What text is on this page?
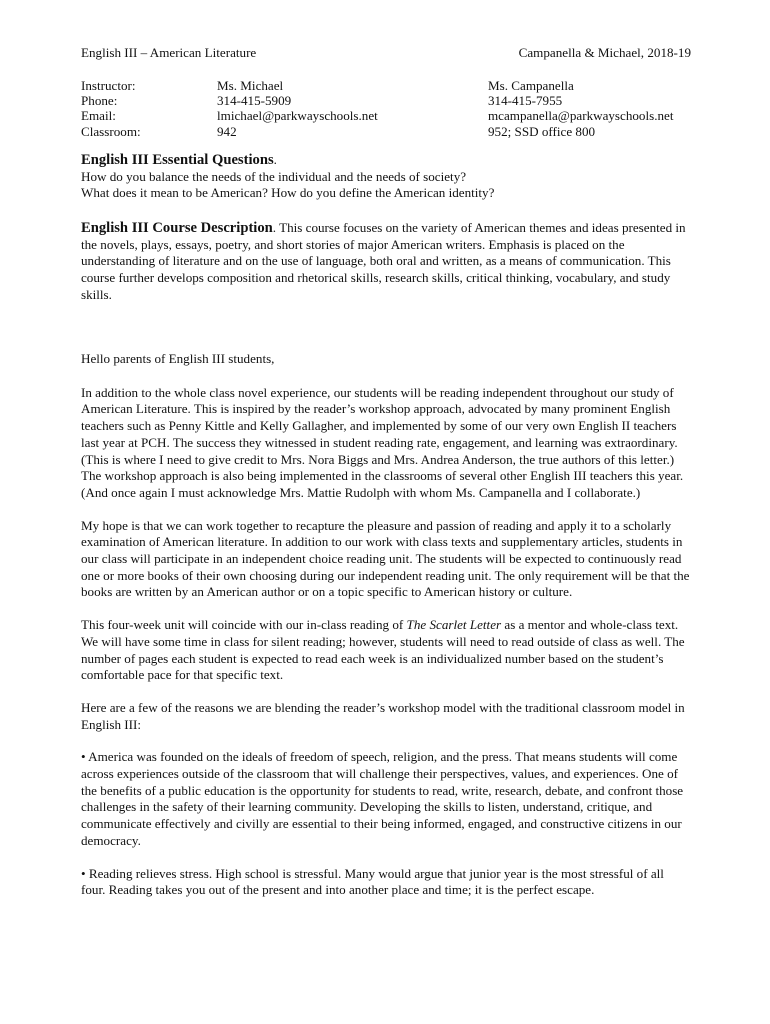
English III – American Literature	Campanella & Michael, 2018-19
Instructor:
Phone:
Email:
Classroom:
Ms. Michael
314-415-5909
lmichael@parkwayschools.net
942
Ms. Campanella
314-415-7955
mcampanella@parkwayschools.net
952; SSD office 800

English III Essential Questions.

How do you balance the needs of the individual and the needs of society?

What does it mean to be American? How do you define the American identity?

English III Course Description. This course focuses on the variety of American themes and ideas presented in the novels, plays, essays, poetry, and short stories of major American writers. Emphasis is placed on the understanding of literature and on the use of language, both oral and written, as a means of communication. This course further develops composition and rhetorical skills, research skills, critical thinking, vocabulary, and study skills.

Hello parents of English III students,

In addition to the whole class novel experience, our students will be reading independent throughout our study of American Literature. This is inspired by the reader’s workshop approach, advocated by many prominent English teachers such as Penny Kittle and Kelly Gallagher, and implemented by some of our very own English II teachers last year at PCH. The success they witnessed in student reading rate, engagement, and learning was extraordinary. (This is where I need to give credit to Mrs. Nora Biggs and Mrs. Andrea Anderson, the true authors of this letter.) The workshop approach is also being implemented in the classrooms of several other English III teachers this year. (And once again I must acknowledge Mrs. Mattie Rudolph with whom Ms. Campanella and I collaborate.)

My hope is that we can work together to recapture the pleasure and passion of reading and apply it to a scholarly examination of American literature. In addition to our work with class texts and supplementary articles, students in our class will participate in an independent choice reading unit. The students will be expected to continuously read one or more books of their own choosing during our independent reading unit. The only requirement will be that the books are written by an American author or on a topic specific to American history or culture.

This four-week unit will coincide with our in-class reading of The Scarlet Letter as a mentor and whole-class text. We will have some time in class for silent reading; however, students will need to read outside of class as well. The number of pages each student is expected to read each week is an individualized number based on the student’s comfortable pace for that specific text.

Here are a few of the reasons we are blending the reader’s workshop model with the traditional classroom model in English III:

• America was founded on the ideals of freedom of speech, religion, and the press. That means students will come across experiences outside of the classroom that will challenge their perspectives, values, and experiences. One of the benefits of a public education is the opportunity for students to read, write, research, debate, and confront those challenges in the safety of their learning community. Developing the skills to listen, understand, critique, and communicate effectively and civilly are essential to their being informed, engaged, and constructive citizens in our democracy.

• Reading relieves stress. High school is stressful. Many would argue that junior year is the most stressful of all four. Reading takes you out of the present and into another place and time; it is the perfect escape.
